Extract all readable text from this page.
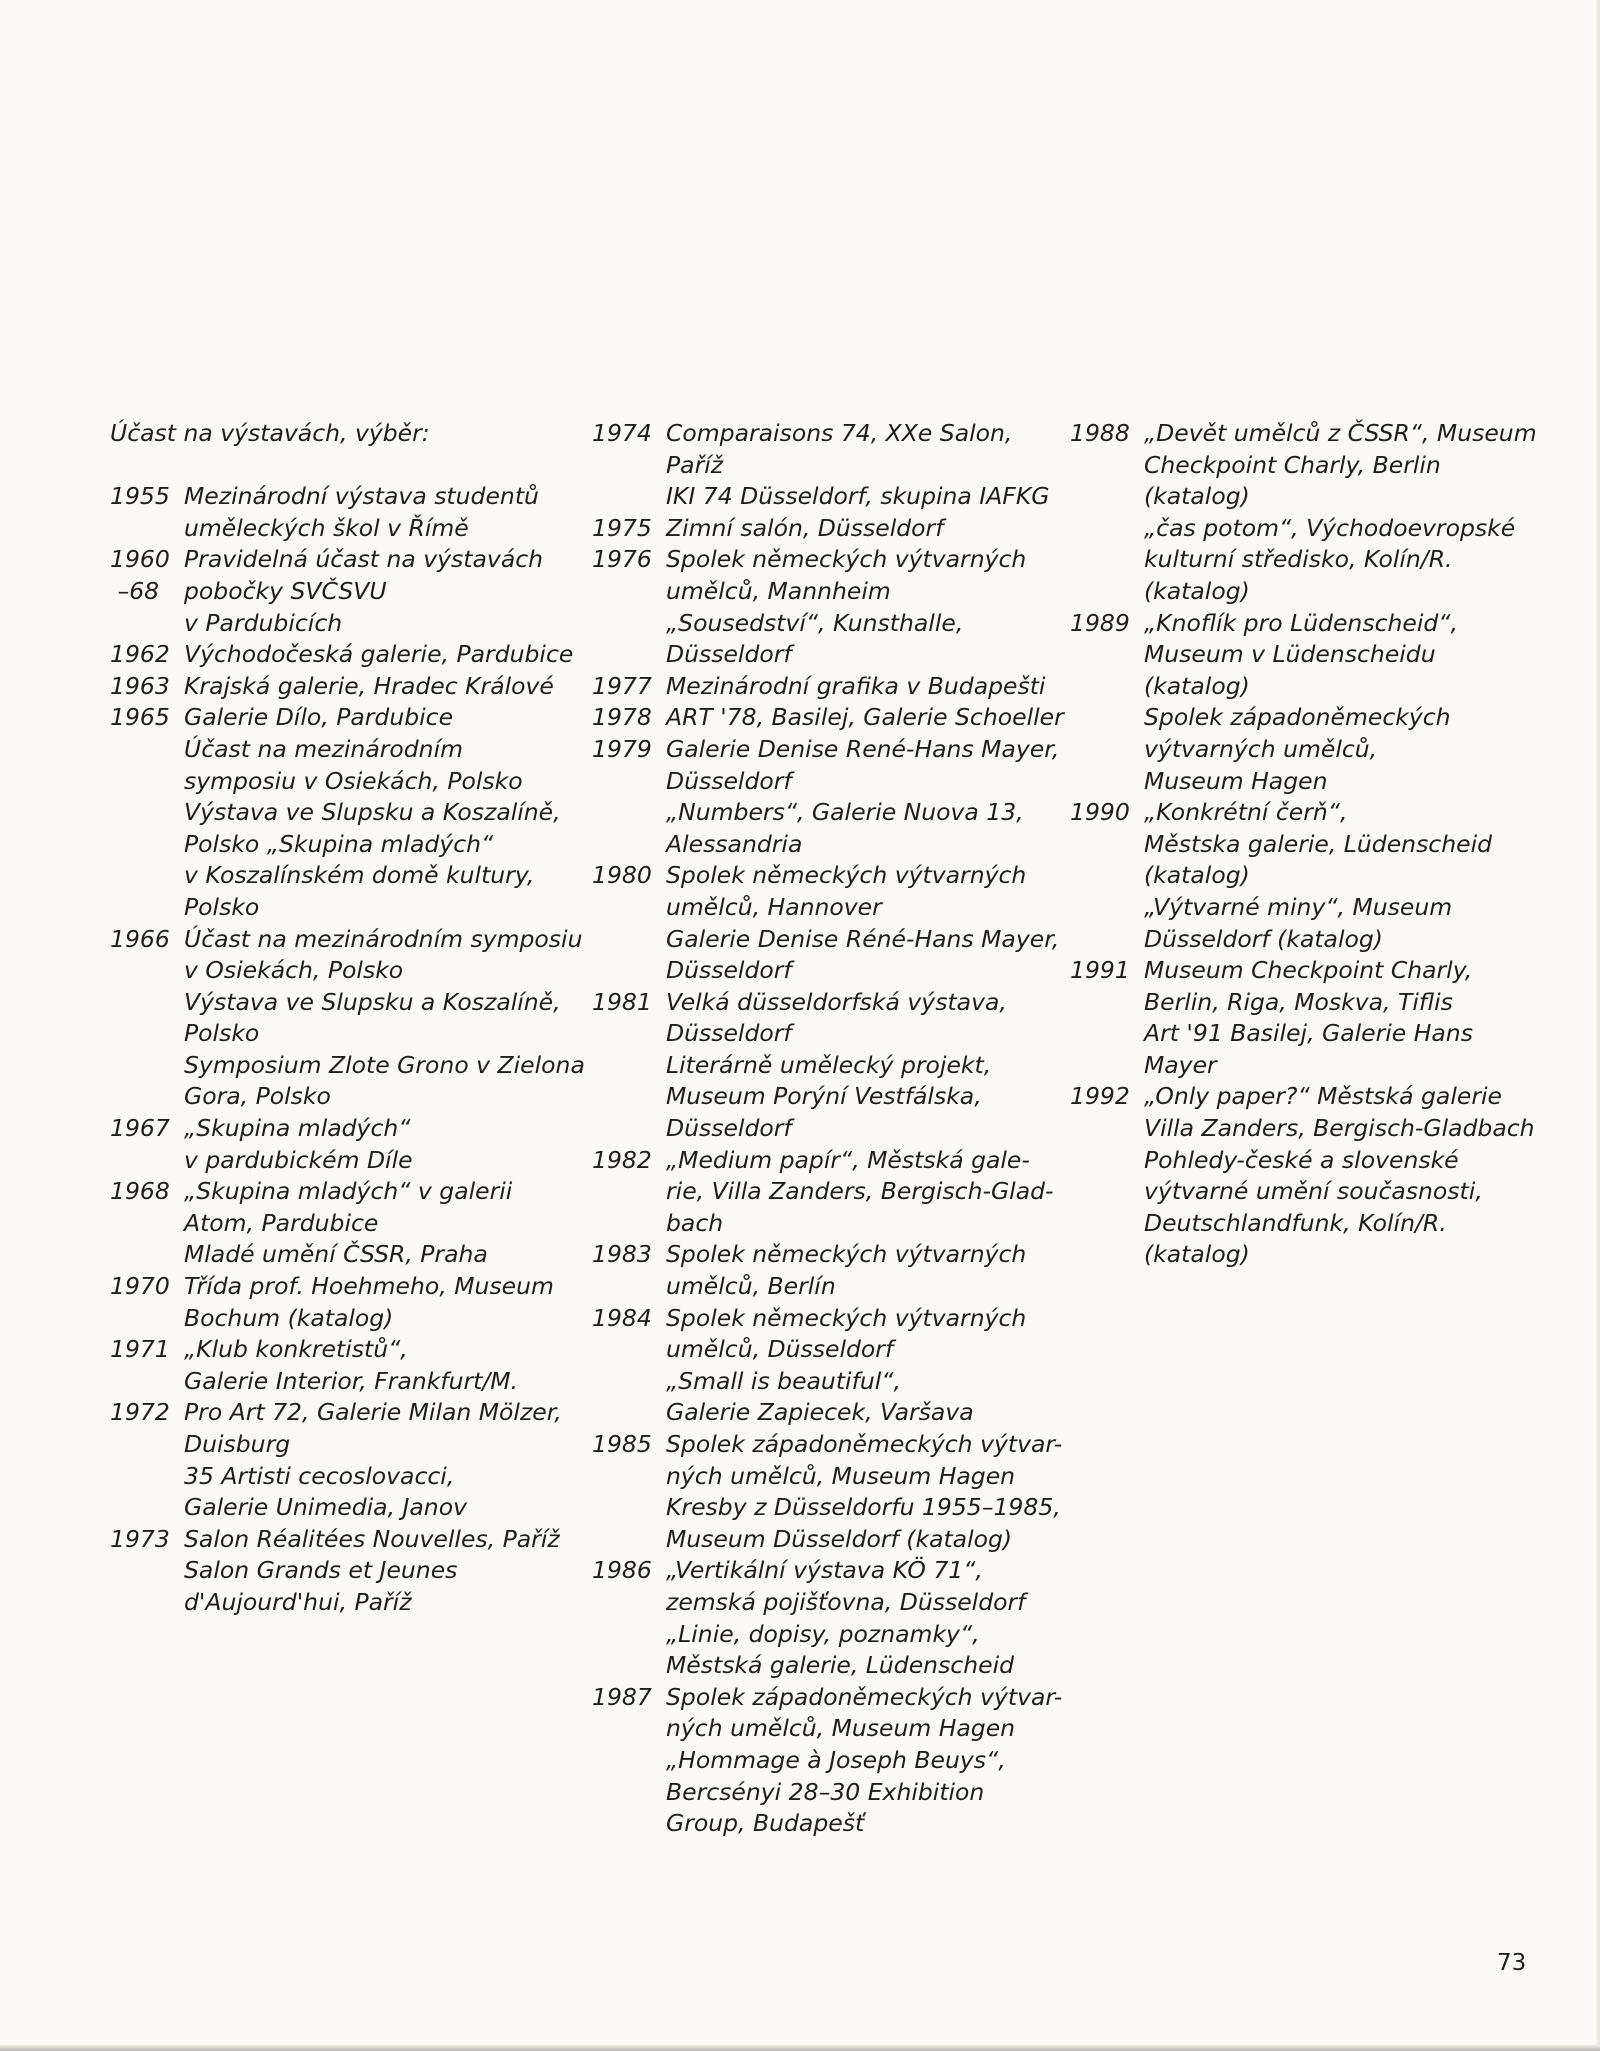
Účast na výstavách, výběr:
1955 Mezinárodní výstava studentů
uměleckých škol v Římě
1960 Pravidelná účast na výstavách
–68	pobočky SVČSVU
v Pardubicích
1962 Východočeská galerie, Pardubice
1963 Krajská galerie, Hradec Králové
1965 Galerie Dílo, Pardubice
Účast na mezinárodním
symposiu v Osiekách, Polsko
Výstava ve Slupsku a Koszalíně,
Polsko „Skupina mladých“
v Koszalínském domě kultury,
Polsko
1966 Účast na mezinárodním symposiu
v Osiekách, Polsko
Výstava ve Slupsku a Koszalíně,
Polsko
Symposium Zlote Grono v Zielona
Gora, Polsko
1967 „Skupina mladých“
v pardubickém Díle
1968 „Skupina mladých“ v galerii
Atom, Pardubice
Mladé umění ČSSR, Praha
1970 Třída prof. Hoehmeho, Museum
Bochum (katalog)
1971 „Klub konkretistů“,
Galerie Interior, Frankfurt/M.
1972 Pro Art 72, Galerie Milan Mölzer,
Duisburg
35 Artisti cecoslovacci,
Galerie Unimedia, Janov
1973 Salon Réalitées Nouvelles, Paříž
Salon Grands et Jeunes
d'Aujourd'hui, Paříž
1974 Comparaisons 74, XXe Salon,
Paříž
IKI 74 Düsseldorf, skupina IAFKG
1975 Zimní salón, Düsseldorf
1976 Spolek německých výtvarných
umělců, Mannheim
„Sousedství“, Kunsthalle,
Düsseldorf
1977 Mezinárodní grafika v Budapešti
1978 ART '78, Basilej, Galerie Schoeller
1979 Galerie Denise René-Hans Mayer,
Düsseldorf
„Numbers“, Galerie Nuova 13,
Alessandria
1980 Spolek německých výtvarných
umělců, Hannover
Galerie Denise Réné-Hans Mayer,
Düsseldorf
1981 Velká düsseldorfská výstava,
Düsseldorf
Literárně umělecký projekt,
Museum Porýní Vestfálska,
Düsseldorf
1982 „Medium papír“, Městská gale-
rie, Villa Zanders, Bergisch-Glad-
bach
1983 Spolek německých výtvarných
umělců, Berlín
1984 Spolek německých výtvarných
umělců, Düsseldorf
„Small is beautiful“,
Galerie Zapiecek, Varšava
1985 Spolek západoněmeckých výtvar-
ných umělců, Museum Hagen
Kresby z Düsseldorfu 1955–1985,
Museum Düsseldorf (katalog)
1986 „Vertikální výstava KÖ 71“,
zemská pojišťovna, Düsseldorf
„Linie, dopisy, poznamky“,
Městská galerie, Lüdenscheid
1987 Spolek západoněmeckých výtvar-
ných umělců, Museum Hagen
„Hommage à Joseph Beuys“,
Bercsényi 28–30 Exhibition
Group, Budapešť
1988 „Devět umělců z ČSSR“, Museum
Checkpoint Charly, Berlin
(katalog)
„čas potom“, Východoevropské
kulturní středisko, Kolín/R.
(katalog)
1989 „Knoflík pro Lüdenscheid“,
Museum v Lüdenscheidu
(katalog)
Spolek západoněmeckých
výtvarných umělců,
Museum Hagen
1990 „Konkrétní čerň“,
Městska galerie, Lüdenscheid
(katalog)
„Výtvarné miny“, Museum
Düsseldorf (katalog)
1991 Museum Checkpoint Charly,
Berlin, Riga, Moskva, Tiflis
Art '91 Basilej, Galerie Hans
Mayer
1992 „Only paper?“ Městská galerie
Villa Zanders, Bergisch-Gladbach
Pohledy-české a slovenské
výtvarné umění současnosti,
Deutschlandfunk, Kolín/R.
(katalog)
73
